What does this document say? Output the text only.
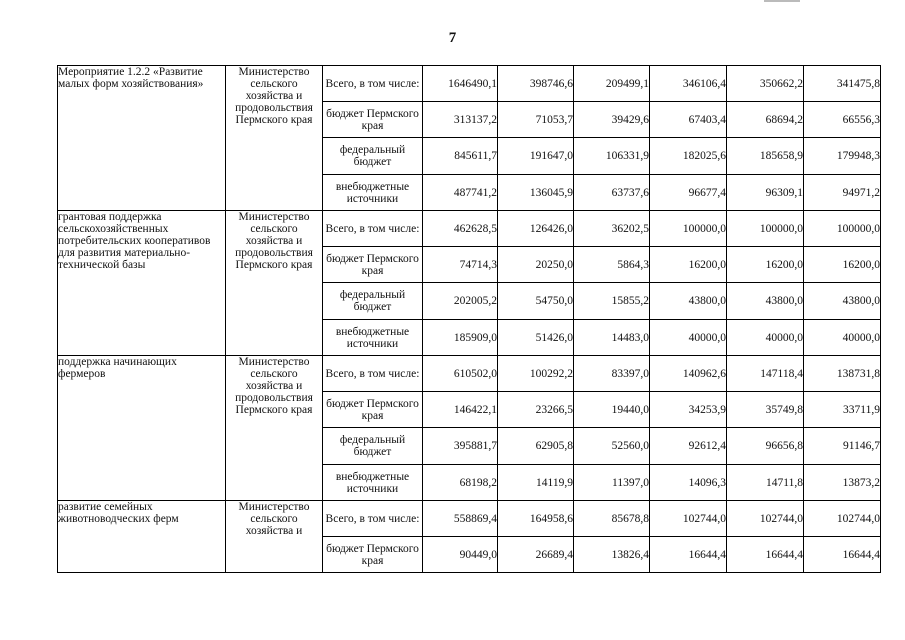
7
Мероприятие 1.2.2 «Развитие малых форм хозяйствования»	Министерство сельского хозяйства и продовольствия Пермского края	Всего, в том числе:	1646490,1	398746,6	209499,1	346106,4	350662,2	341475,8
		бюджет Пермского края	313137,2	71053,7	39429,6	67403,4	68694,2	66556,3
		федеральный бюджет	845611,7	191647,0	106331,9	182025,6	185658,9	179948,3
		внебюджетные источники	487741,2	136045,9	63737,6	96677,4	96309,1	94971,2
грантовая поддержка сельскохозяйственных потребительских кооперативов для развития материально-технической базы	Министерство сельского хозяйства и продовольствия Пермского края	Всего, в том числе:	462628,5	126426,0	36202,5	100000,0	100000,0	100000,0
		бюджет Пермского края	74714,3	20250,0	5864,3	16200,0	16200,0	16200,0
		федеральный бюджет	202005,2	54750,0	15855,2	43800,0	43800,0	43800,0
		внебюджетные источники	185909,0	51426,0	14483,0	40000,0	40000,0	40000,0
поддержка начинающих фермеров	Министерство сельского хозяйства и продовольствия Пермского края	Всего, в том числе:	610502,0	100292,2	83397,0	140962,6	147118,4	138731,8
		бюджет Пермского края	146422,1	23266,5	19440,0	34253,9	35749,8	33711,9
		федеральный бюджет	395881,7	62905,8	52560,0	92612,4	96656,8	91146,7
		внебюджетные источники	68198,2	14119,9	11397,0	14096,3	14711,8	13873,2
развитие семейных животноводческих ферм	Министерство сельского хозяйства и	Всего, в том числе:	558869,4	164958,6	85678,8	102744,0	102744,0	102744,0
		бюджет Пермского края	90449,0	26689,4	13826,4	16644,4	16644,4	16644,4
